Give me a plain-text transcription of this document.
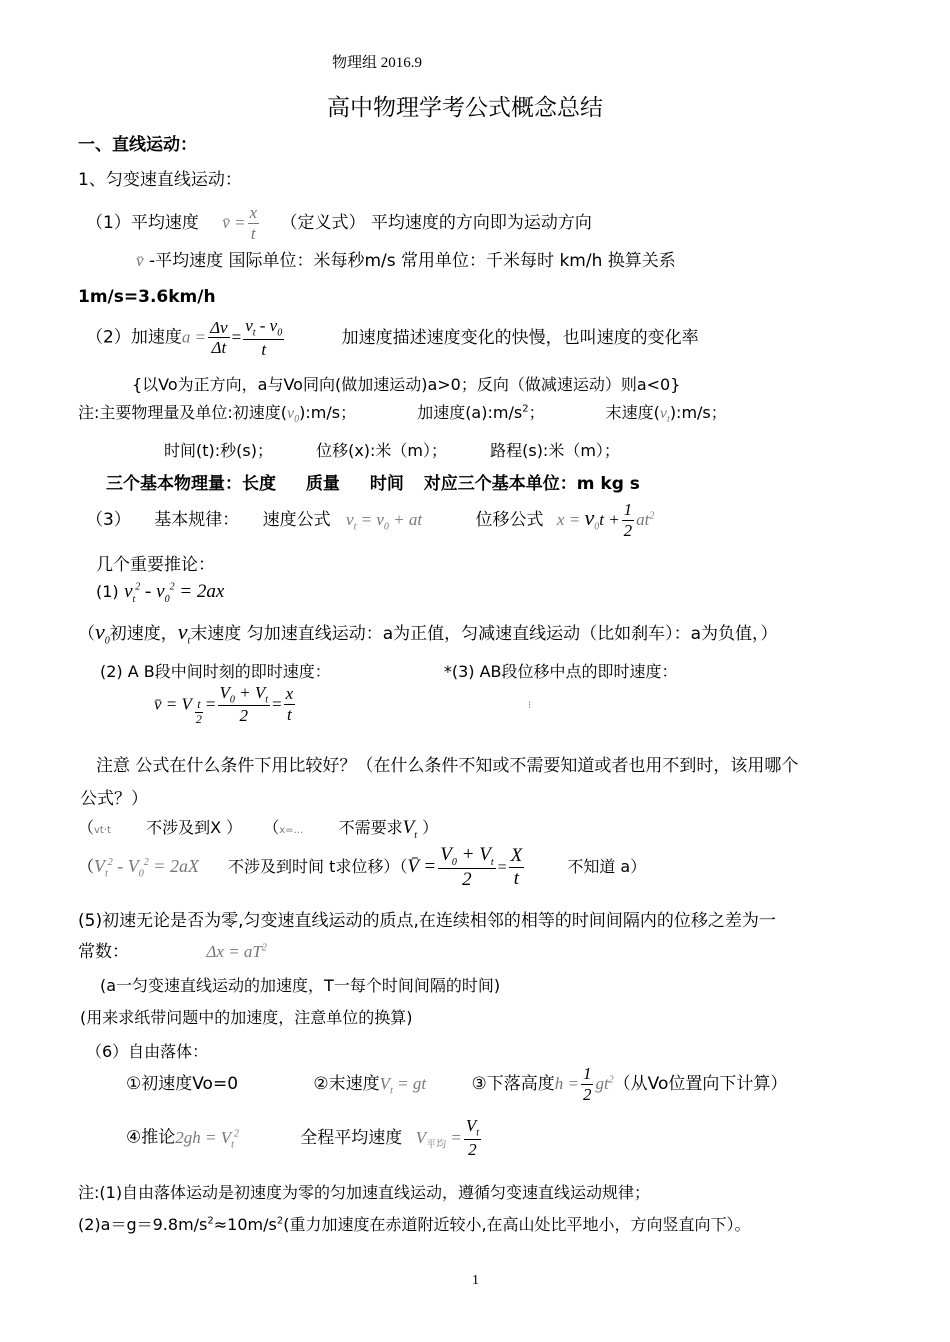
物理组 2016.9
高中物理学考公式概念总结
一、直线运动：
1、匀变速直线运动：
（1）平均速度 v̄ = $\frac{x}{t}$ （定义式） 平均速度的方向即为运动方向
v̄ -平均速度 国际单位：米每秒m/s 常用单位：千米每时 km/h 换算关系
1m/s=3.6km/h
（2）加速度$a = \frac{\Delta v}{\Delta t} = \frac{v_t - v_0}{t}$	加速度描述速度变化的快慢，也叫速度的变化率
{以Vo为正方向，a与Vo同向(做加速运动)a>0；反向（做减速运动）则a<0}
注:主要物理量及单位:初速度$(v_0):m/s$；	加速度$(a):m/s^2$；	末速度$(v_t):m/s$；
时间(t):秒(s)；	位移(x):米（m）；	路程(s):米（m）；
三个基本物理量：长度 质量 时间 对应三个基本单位：m kg s
（3） 基本规律： 速度公式 $v_t = v_0$ + at	位移公式 $x = v_0t + \frac{1}{2} at^2$
几个重要推论：
(1) $v_t^2 - v_0^2 = 2ax$
（$v_0$初速度，$v_t$末速度 匀加速直线运动：a为正值，匀减速直线运动（比如刹车）：a为负值，）
(2) A B段中间时刻的即时速度：	*(3) AB段位移中点的即时速度：
v̄ = V $\frac{t}{2} = \frac{V_0 + V_t}{2} = \frac{x}{t}$	⁝
注意 公式在什么条件下用比较好？（在什么条件不知或不需要知道或者也用不到时，该用哪个
公式？）
（vt·t 不涉及到X ） （x=… 不需要求$V_t$ ）
（$V_t^2 - V_0^2 = 2aX$ 不涉及到时间 t求位移）（V̄ = $\frac{V_0 + V_t}{2} = \frac{X}{t}$	不知道 a）
(5)初速无论是否为零,匀变速直线运动的质点,在连续相邻的相等的时间间隔内的位移之差为一
常数：	$\Delta x = aT^2$
(a一匀变速直线运动的加速度，T一每个时间间隔的时间)
(用来求纸带问题中的加速度，注意单位的换算)
（6）自由落体：
①初速度Vo=0	②末速度$V_t$ = gt	③下落高度$h = \frac{1}{2} gt^2$（从Vo位置向下计算）
④推论$2gh = V_t^2$	全程平均速度 $V_{平均} = \frac{V_t}{2}$
注:(1)自由落体运动是初速度为零的匀加速直线运动，遵循匀变速直线运动规律；
$(2)a=g=9.8m/s^2\approx 10m/s^2$(重力加速度在赤道附近较小,在高山处比平地小，方向竖直向下）。
1
